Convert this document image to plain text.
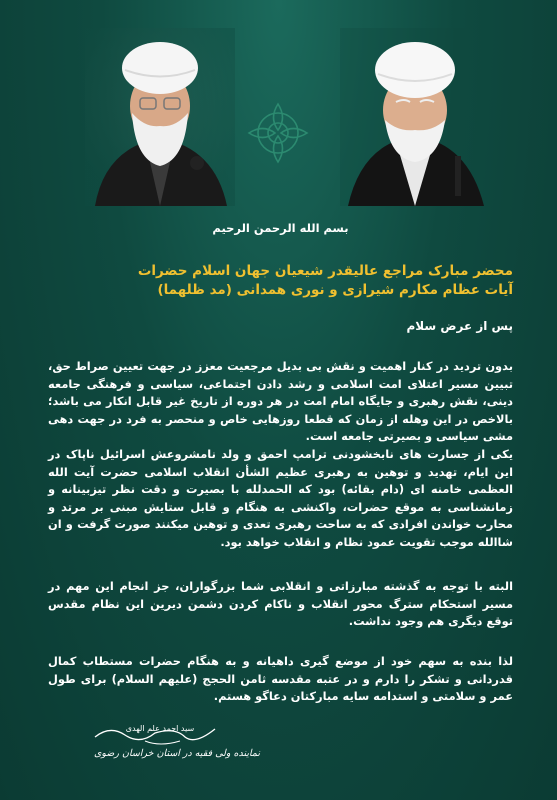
بسم الله الرحمن الرحیم

محضر مبارک مراجع عالیقدر شیعیان جهان اسلام حضرات
آیات عظام مکارم شیرازی و نوری همدانی (مد ظلهما)

پس از عرض سلام

بدون تردید در کنار اهمیت و نقش بی بدیل مرجعیت معزز در جهت تعیین صراط حق، تبیین مسیر اعتلای امت اسلامی و رشد دادن اجتماعی، سیاسی و فرهنگی جامعه دینی، نقش رهبری و جایگاه امام امت در هر دوره از تاریخ غیر قابل انکار می باشد؛ بالاخص در این وهله از زمان که قطعا روزهایی خاص و منحصر به فرد در جهت دهی مشی سیاسی و بصیرتی جامعه است.
یکی از جسارت های نابخشودنی ترامپ احمق و ولد نامشروعش اسرائیل ناپاک در این ایام، تهدید و توهین به رهبری عظیم الشأن انقلاب اسلامی حضرت آیت الله العظمی خامنه ای (دام بقائه) بود که الحمدلله با بصیرت و دقت نظر تیزبینانه و زمانشناسی به موقع حضرات، واکنشی به هنگام و قابل ستایش مبنی بر مرتد و محارب خواندن افرادی که به ساحت رهبری تعدی و توهین میکنند صورت گرفت و ان شاالله موجب تقویت عمود نظام و انقلاب خواهد بود.

البته با توجه به گذشته مبارزاتی و انقلابی شما بزرگواران، جز انجام این مهم در مسیر استحکام سترگ محور انقلاب و ناکام کردن دشمن دیرین این نظام مقدس توقع دیگری هم وجود نداشت.

لذا بنده به سهم خود از موضع گیری داهیانه و به هنگام حضرات مستطاب کمال قدردانی و تشکر را دارم و در عتبه مقدسه ثامن الحجج (علیهم السلام) برای طول عمر و سلامتی و استدامه سایه مبارکتان دعاگو هستم.

سید احمد علم الهدی
نماینده ولی فقیه در استان خراسان رضوی
